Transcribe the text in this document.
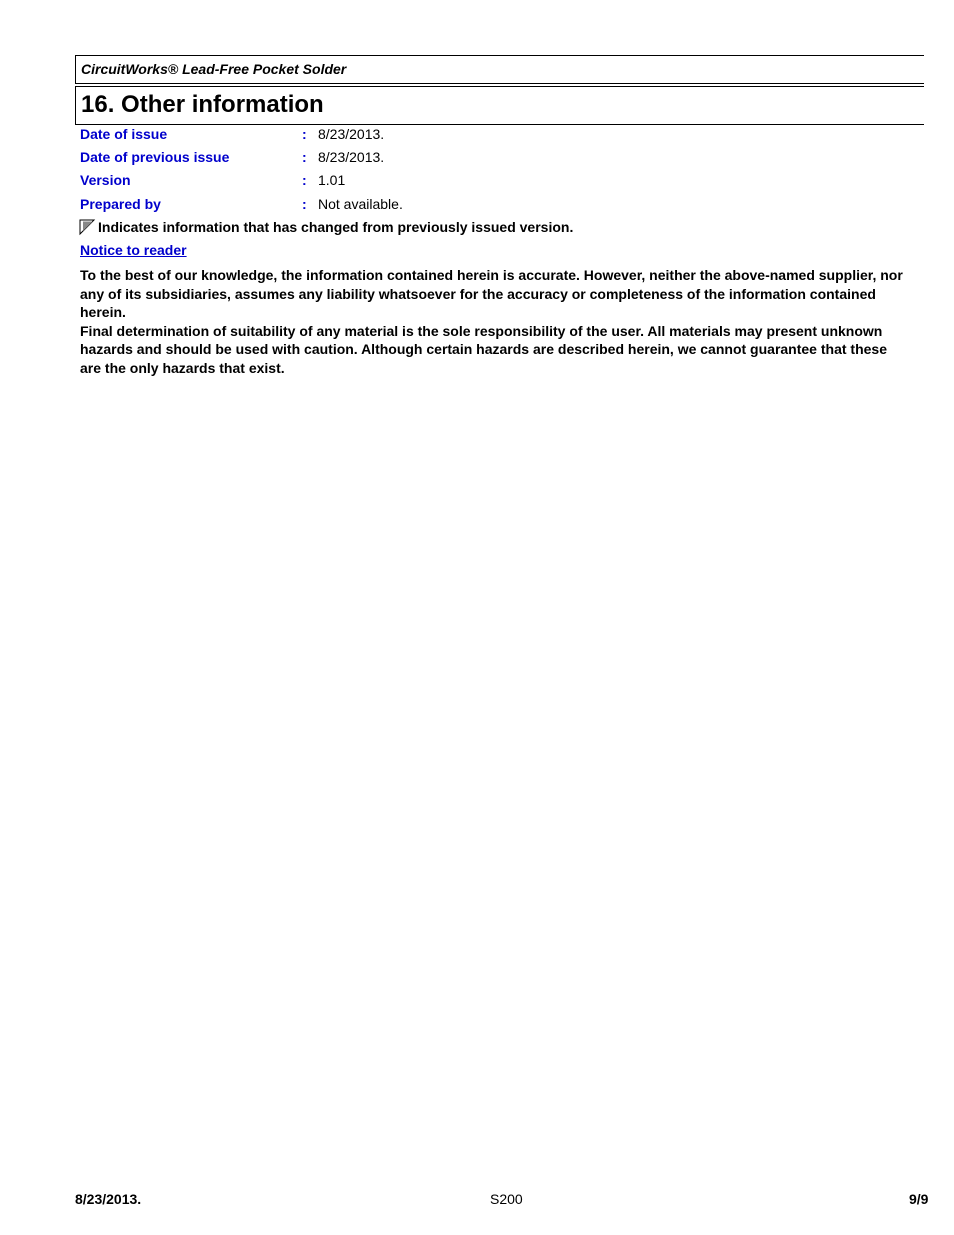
CircuitWorks® Lead-Free Pocket Solder
16. Other information
Date of issue	: 8/23/2013.
Date of previous issue	: 8/23/2013.
Version	: 1.01
Prepared by	: Not available.
Indicates information that has changed from previously issued version.
Notice to reader

To the best of our knowledge, the information contained herein is accurate. However, neither the above-named supplier, nor any of its subsidiaries, assumes any liability whatsoever for the accuracy or completeness of the information contained herein.

Final determination of suitability of any material is the sole responsibility of the user. All materials may present unknown hazards and should be used with caution. Although certain hazards are described herein, we cannot guarantee that these are the only hazards that exist.

8/23/2013.	S200	9/9
